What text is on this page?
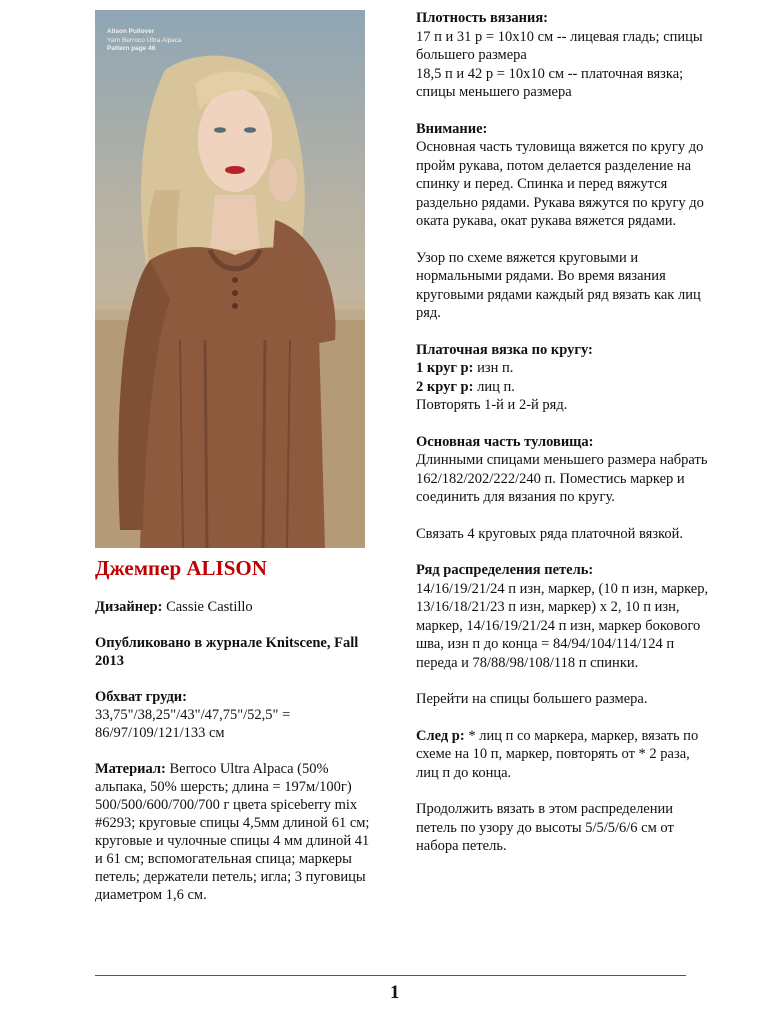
Alison Pullover
Yarn Berroco Ultra Alpaca
Pattern page 46
Джемпер ALISON
Дизайнер: Cassie Castillo
Опубликовано в журнале Knitscene, Fall 2013

Обхват груди:

33,75"/38,25"/43"/47,75"/52,5" =

86/97/109/121/133 см

Материал: Berroco Ultra Alpaca (50% альпака, 50% шерсть; длина = 197м/100г) 500/500/600/700/700 г цвета spiceberry mix #6293; круговые спицы 4,5мм длиной 61 см; круговые и чулочные спицы 4 мм длиной 41 и 61 см; вспомогательная спица; маркеры петель; держатели петель; игла; 3 пуговицы диаметром 1,6 см.

Плотность вязания:

17 п и 31 р = 10х10 см -- лицевая гладь; спицы большего размера

18,5 п и 42 р = 10х10 см -- платочная вязка; спицы меньшего размера

Внимание:

Основная часть туловища вяжется по кругу до пройм рукава, потом делается разделение на спинку и перед. Спинка и перед вяжутся раздельно рядами. Рукава вяжутся по кругу до оката рукава, окат рукава вяжется рядами.

Узор по схеме вяжется круговыми и нормальными рядами. Во время вязания круговыми рядами каждый ряд вязать как лиц ряд.

Платочная вязка по кругу:

1 круг р: изн п.

2 круг р: лиц п.

Повторять 1-й и 2-й ряд.

Основная часть туловища:

Длинными спицами меньшего размера набрать 162/182/202/222/240 п. Поместись маркер и соединить для вязания по кругу.

Связать 4 круговых ряда платочной вязкой.

Ряд распределения петель:

14/16/19/21/24 п изн, маркер, (10 п изн, маркер, 13/16/18/21/23 п изн, маркер) х 2, 10 п изн, маркер, 14/16/19/21/24 п изн, маркер бокового шва, изн п до конца = 84/94/104/114/124 п переда и 78/88/98/108/118 п спинки.

Перейти на спицы большего размера.

След р: * лиц п со маркера, маркер, вязать по схеме на 10 п, маркер, повторять от * 2 раза, лиц п до конца.
Продолжить вязать в этом распределении петель по узору до высоты 5/5/5/6/6 см от набора петель.
1
